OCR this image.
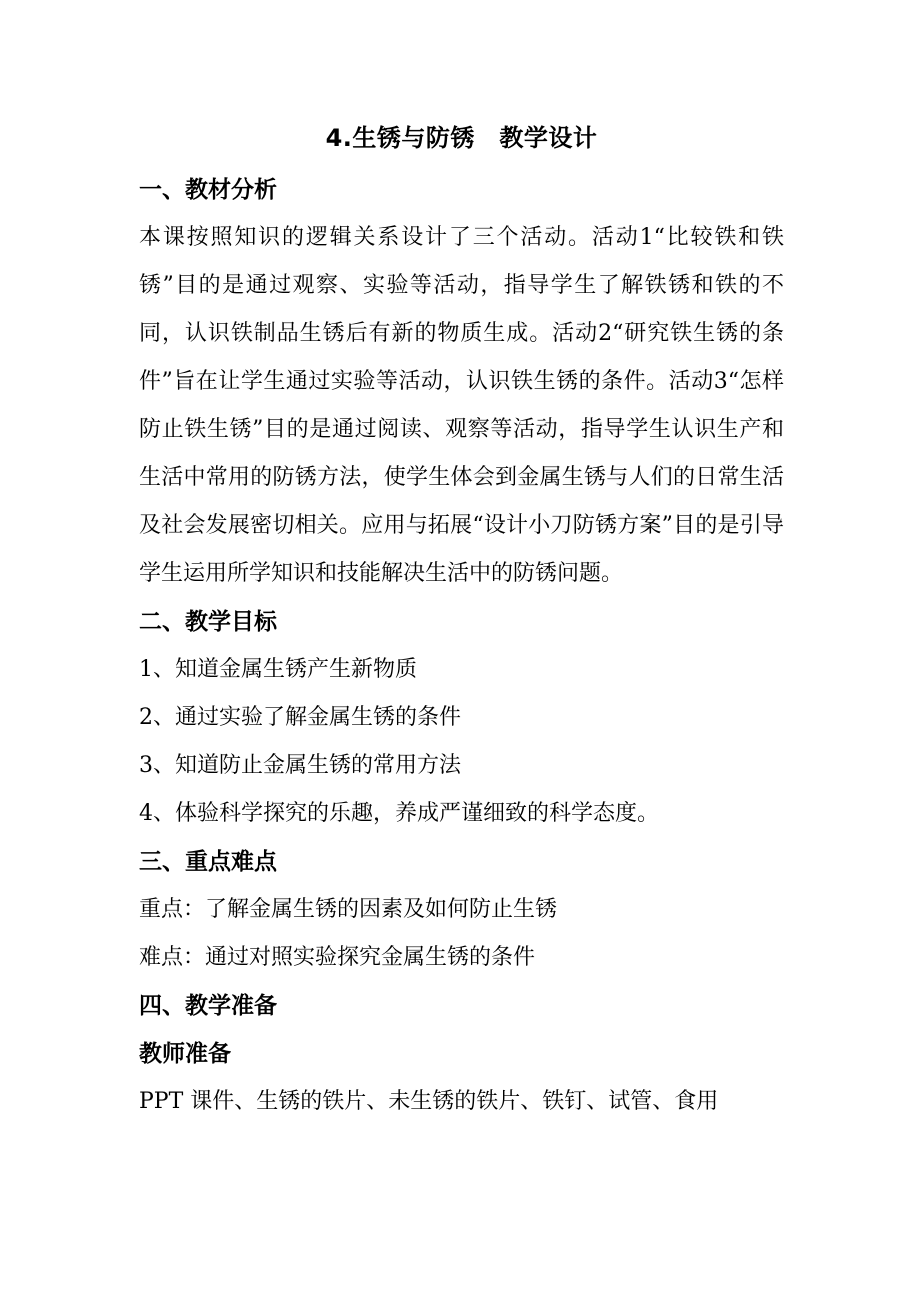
4.生锈与防锈　教学设计
一、教材分析

本课按照知识的逻辑关系设计了三个活动。活动1“比较铁和铁锈”目的是通过观察、实验等活动，指导学生了解铁锈和铁的不同，认识铁制品生锈后有新的物质生成。活动2“研究铁生锈的条件”旨在让学生通过实验等活动，认识铁生锈的条件。活动3“怎样防止铁生锈”目的是通过阅读、观察等活动，指导学生认识生产和生活中常用的防锈方法，使学生体会到金属生锈与人们的日常生活及社会发展密切相关。应用与拓展“设计小刀防锈方案”目的是引导学生运用所学知识和技能解决生活中的防锈问题。

二、教学目标
1、知道金属生锈产生新物质
2、通过实验了解金属生锈的条件
3、知道防止金属生锈的常用方法
4、体验科学探究的乐趣，养成严谨细致的科学态度。
三、重点难点
重点：了解金属生锈的因素及如何防止生锈
难点：通过对照实验探究金属生锈的条件
四、教学准备
教师准备
PPT 课件、生锈的铁片、未生锈的铁片、铁钉、试管、食用
